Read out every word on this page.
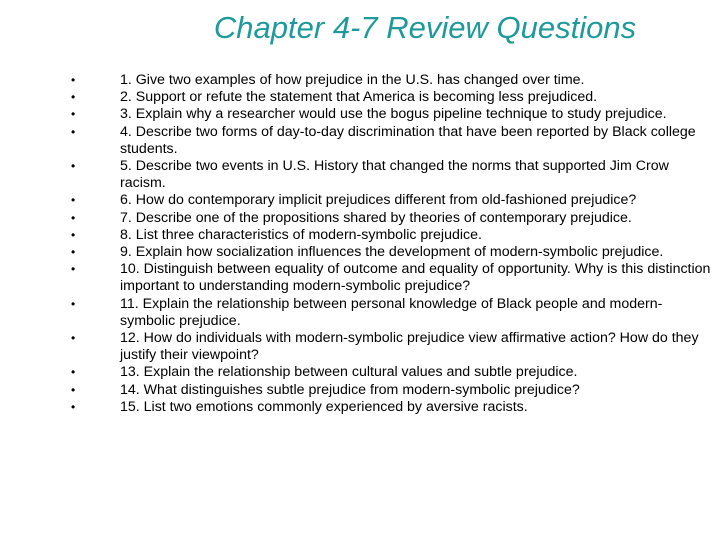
Chapter 4-7 Review Questions
•	1. Give two examples of how prejudice in the U.S. has changed over time.
•	2. Support or refute the statement that America is becoming less prejudiced.
•	3. Explain why a researcher would use the bogus pipeline technique to study prejudice.
•	4. Describe two forms of day-to-day discrimination that have been reported by Black college students.
•	5. Describe two events in U.S. History that changed the norms that supported Jim Crow racism.
•	6. How do contemporary implicit prejudices different from old-fashioned prejudice?
•	7. Describe one of the propositions shared by theories of contemporary prejudice.
•	8. List three characteristics of modern-symbolic prejudice.
•	9. Explain how socialization influences the development of modern-symbolic prejudice.
•	10. Distinguish between equality of outcome and equality of opportunity. Why is this distinction important to understanding modern-symbolic prejudice?
•	11. Explain the relationship between personal knowledge of Black people and modern-symbolic prejudice.
•	12. How do individuals with modern-symbolic prejudice view affirmative action? How do they justify their viewpoint?
•	13. Explain the relationship between cultural values and subtle prejudice.
•	14. What distinguishes subtle prejudice from modern-symbolic prejudice?
•	15. List two emotions commonly experienced by aversive racists.
